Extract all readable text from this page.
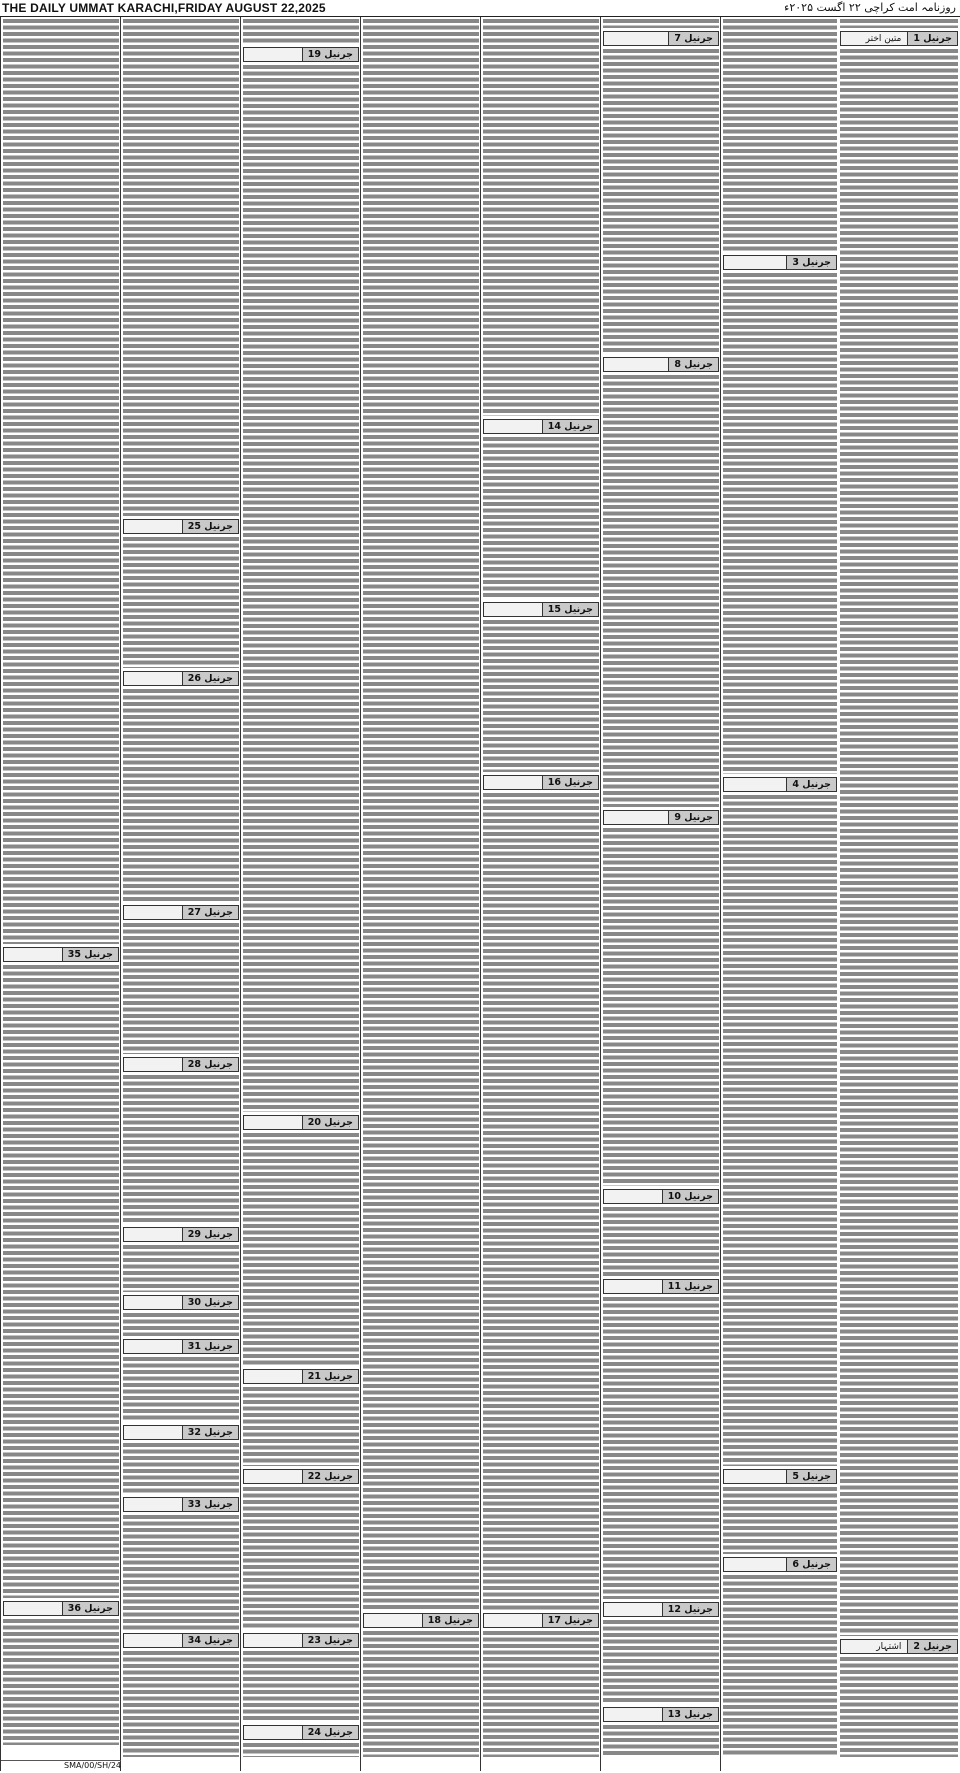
THE DAILY UMMAT KARACHI,FRIDAY AUGUST 22,2025	روزنامہ امت کراچی ۲۲ اگست ۲۰۲۵ء
جرنیل 1متین اختر
جرنیل 2اشتہار
جرنیل 3
جرنیل 4
جرنیل 5
جرنیل 6
جرنیل 7
جرنیل 8
جرنیل 9
جرنیل 10
جرنیل 11
جرنیل 12
جرنیل 13
جرنیل 14
جرنیل 15
جرنیل 16
جرنیل 17
جرنیل 18
جرنیل 19
جرنیل 20
جرنیل 21
جرنیل 22
جرنیل 23
جرنیل 24
جرنیل 25
جرنیل 26
جرنیل 27
جرنیل 28
جرنیل 29
جرنیل 30
جرنیل 31
جرنیل 32
جرنیل 33
جرنیل 34
جرنیل 35
جرنیل 36
SMA/00/SH/24
